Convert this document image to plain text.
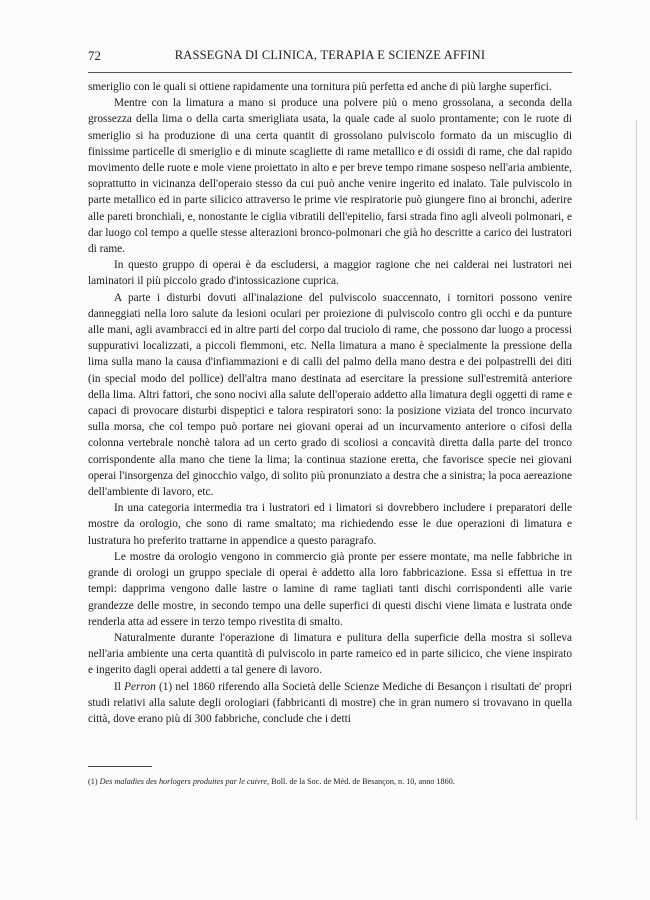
72	RASSEGNA DI CLINICA, TERAPIA E SCIENZE AFFINI

smeriglio con le quali si ottiene rapidamente una tornitura più perfetta ed anche di più larghe superfici.

Mentre con la limatura a mano si produce una polvere più o meno grossolana, a seconda della grossezza della lima o della carta smerigliata usata, la quale cade al suolo prontamente; con le ruote di smeriglio si ha produzione di una certa quantit di grossolano pulviscolo formato da un miscuglio di finissime particelle di smeriglio e di minute scagliette di rame metallico e di ossidi di rame, che dal rapido movimento delle ruote e mole viene proiettato in alto e per breve tempo rimane sospeso nell'aria ambiente, soprattutto in vicinanza dell'operaio stesso da cui può anche venire ingerito ed inalato. Tale pulviscolo in parte metallico ed in parte silicico attraverso le prime vie respiratorie può giungere fino ai bronchi, aderire alle pareti bronchiali, e, nonostante le ciglia vibratili dell'epitelio, farsi strada fino agli alveoli polmonari, e dar luogo col tempo a quelle stesse alterazioni bronco-polmonari che già ho descritte a carico dei lustratori di rame.

In questo gruppo di operai è da escludersi, a maggior ragione che nei calderai nei lustratori nei laminatori il più piccolo grado d'intossicazione cuprica.

A parte i disturbi dovuti all'inalazione del pulviscolo suaccennato, i tornitori possono venire danneggiati nella loro salute da lesioni oculari per proiezione di pulviscolo contro gli occhi e da punture alle mani, agli avambracci ed in altre parti del corpo dal truciolo di rame, che possono dar luogo a processi suppurativi localizzati, a piccoli flemmoni, etc. Nella limatura a mano è specialmente la pressione della lima sulla mano la causa d'infiammazioni e di calli del palmo della mano destra e dei polpastrelli dei diti (in special modo del pollice) dell'altra mano destinata ad esercitare la pressione sull'estremità anteriore della lima. Altri fattori, che sono nocivi alla salute dell'operaio addetto alla limatura degli oggetti di rame e capaci di provocare disturbi dispeptici e talora respiratori sono: la posizione viziata del tronco incurvato sulla morsa, che col tempo può portare nei giovani operai ad un incurvamento anteriore o cifosi della colonna vertebrale nonchè talora ad un certo grado di scoliosi a concavità diretta dalla parte del tronco corrispondente alla mano che tiene la lima; la continua stazione eretta, che favorisce specie nei giovani operai l'insorgenza del ginocchio valgo, di solito più pronunziato a destra che a sinistra; la poca aereazione dell'ambiente di lavoro, etc.

In una categoria intermedia tra i lustratori ed i limatori si dovrebbero includere i preparatori delle mostre da orologio, che sono di rame smaltato; ma richiedendo esse le due operazioni di limatura e lustratura ho preferito trattarne in appendice a questo paragrafo.

Le mostre da orologio vengono in commercio già pronte per essere montate, ma nelle fabbriche in grande di orologi un gruppo speciale di operai è addetto alla loro fabbricazione. Essa si effettua in tre tempi: dapprima vengono dalle lastre o lamine di rame tagliati tanti dischi corrispondenti alle varie grandezze delle mostre, in secondo tempo una delle superfici di questi dischi viene limata e lustrata onde renderla atta ad essere in terzo tempo rivestita di smalto.

Naturalmente durante l'operazione di limatura e pulitura della superficie della mostra si solleva nell'aria ambiente una certa quantità di pulviscolo in parte rameico ed in parte silicico, che viene inspirato e ingerito dagli operai addetti a tal genere di lavoro.

Il Perron (1) nel 1860 riferendo alla Società delle Scienze Mediche di Besançon i risultati de' propri studi relativi alla salute degli orologiari (fabbricanti di mostre) che in gran numero si trovavano in quella città, dove erano più di 300 fabbriche, conclude che i detti

(1) Des maladies des horlogers produites par le cuivre, Boll. de la Soc. de Méd. de Besançon, n. 10, anno 1860.
